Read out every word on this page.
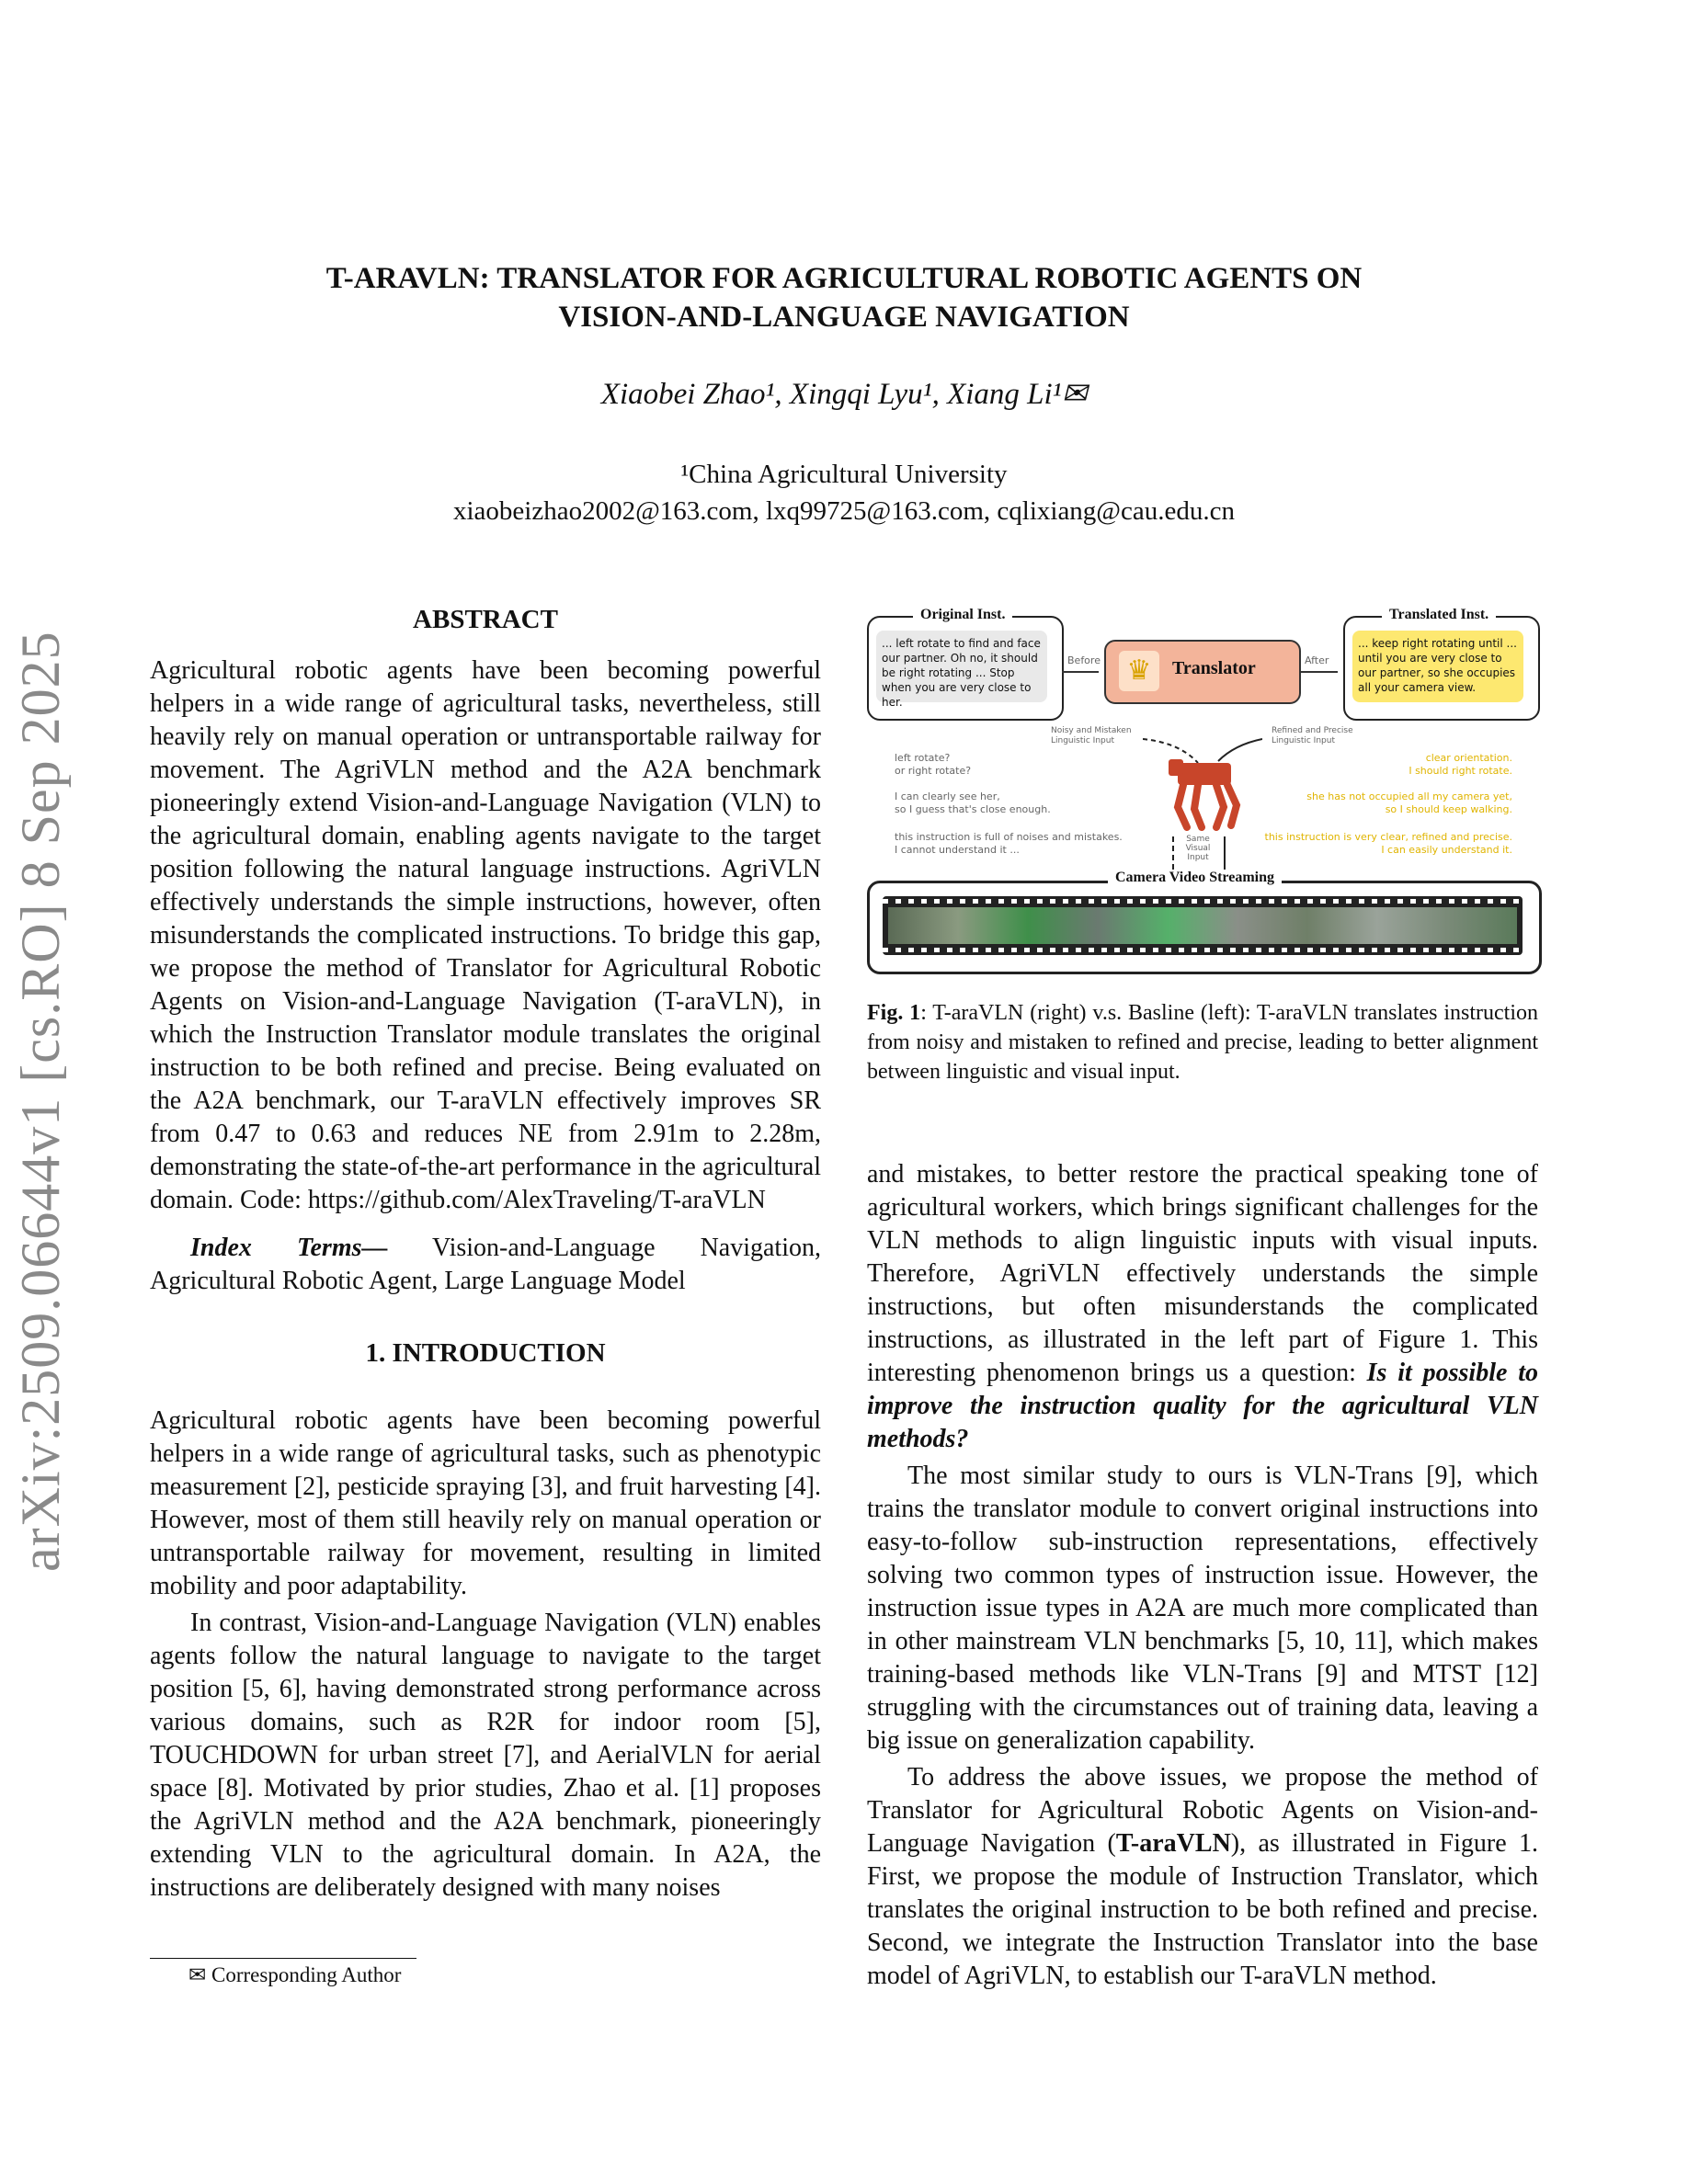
arXiv:2509.06644v1 [cs.RO] 8 Sep 2025
T-ARAVLN: TRANSLATOR FOR AGRICULTURAL ROBOTIC AGENTS ON
VISION-AND-LANGUAGE NAVIGATION
Xiaobei Zhao¹, Xingqi Lyu¹, Xiang Li¹✉
¹China Agricultural University
xiaobeizhao2002@163.com, lxq99725@163.com, cqlixiang@cau.edu.cn

ABSTRACT

Agricultural robotic agents have been becoming powerful helpers in a wide range of agricultural tasks, nevertheless, still heavily rely on manual operation or untransportable railway for movement. The AgriVLN method and the A2A benchmark pioneeringly extend Vision-and-Language Navigation (VLN) to the agricultural domain, enabling agents navigate to the target position following the natural language instructions. AgriVLN effectively understands the simple instructions, however, often misunderstands the complicated instructions. To bridge this gap, we propose the method of Translator for Agricultural Robotic Agents on Vision-and-Language Navigation (T-araVLN), in which the Instruction Translator module translates the original instruction to be both refined and precise. Being evaluated on the A2A benchmark, our T-araVLN effectively improves SR from 0.47 to 0.63 and reduces NE from 2.91m to 2.28m, demonstrating the state-of-the-art performance in the agricultural domain. Code: https://github.com/AlexTraveling/T-araVLN

Index Terms— Vision-and-Language Navigation, Agricultural Robotic Agent, Large Language Model

1. INTRODUCTION

Agricultural robotic agents have been becoming powerful helpers in a wide range of agricultural tasks, such as phenotypic measurement [2], pesticide spraying [3], and fruit harvesting [4]. However, most of them still heavily rely on manual operation or untransportable railway for movement, resulting in limited mobility and poor adaptability.

In contrast, Vision-and-Language Navigation (VLN) enables agents follow the natural language to navigate to the target position [5, 6], having demonstrated strong performance across various domains, such as R2R for indoor room [5], TOUCHDOWN for urban street [7], and AerialVLN for aerial space [8]. Motivated by prior studies, Zhao et al. [1] proposes the AgriVLN method and the A2A benchmark, pioneeringly extending VLN to the agricultural domain. In A2A, the instructions are deliberately designed with many noises

✉ Corresponding Author
... left rotate to find and face our partner. Oh no, it should be right rotating ... Stop when you are very close to her.
Original Inst.
Before ♛	Translator	After
... keep right rotating until ... until you are very close to our partner, so she occupies all your camera view.
Translated Inst.
Noisy and Mistaken Linguistic Input
Refined and Precise Linguistic Input
left rotate?
or right rotate?
I can clearly see her,
so I guess that's close enough.
this instruction is full of noises and mistakes.
I cannot understand it ...
clear orientation.
I should right rotate.
she has not occupied all my camera yet,
so I should keep walking.
this instruction is very clear, refined and precise.
I can easily understand it.
Same Visual Input
Camera Video Streaming
Fig. 1: T-araVLN (right) v.s. Basline (left): T-araVLN translates instruction from noisy and mistaken to refined and precise, leading to better alignment between linguistic and visual input.

and mistakes, to better restore the practical speaking tone of agricultural workers, which brings significant challenges for the VLN methods to align linguistic inputs with visual inputs. Therefore, AgriVLN effectively understands the simple instructions, but often misunderstands the complicated instructions, as illustrated in the left part of Figure 1. This interesting phenomenon brings us a question: Is it possible to improve the instruction quality for the agricultural VLN methods?

The most similar study to ours is VLN-Trans [9], which trains the translator module to convert original instructions into easy-to-follow sub-instruction representations, effectively solving two common types of instruction issue. However, the instruction issue types in A2A are much more complicated than in other mainstream VLN benchmarks [5, 10, 11], which makes training-based methods like VLN-Trans [9] and MTST [12] struggling with the circumstances out of training data, leaving a big issue on generalization capability.

To address the above issues, we propose the method of Translator for Agricultural Robotic Agents on Vision-and-Language Navigation (T-araVLN), as illustrated in Figure 1. First, we propose the module of Instruction Translator, which translates the original instruction to be both refined and precise. Second, we integrate the Instruction Translator into the base model of AgriVLN, to establish our T-araVLN method.
